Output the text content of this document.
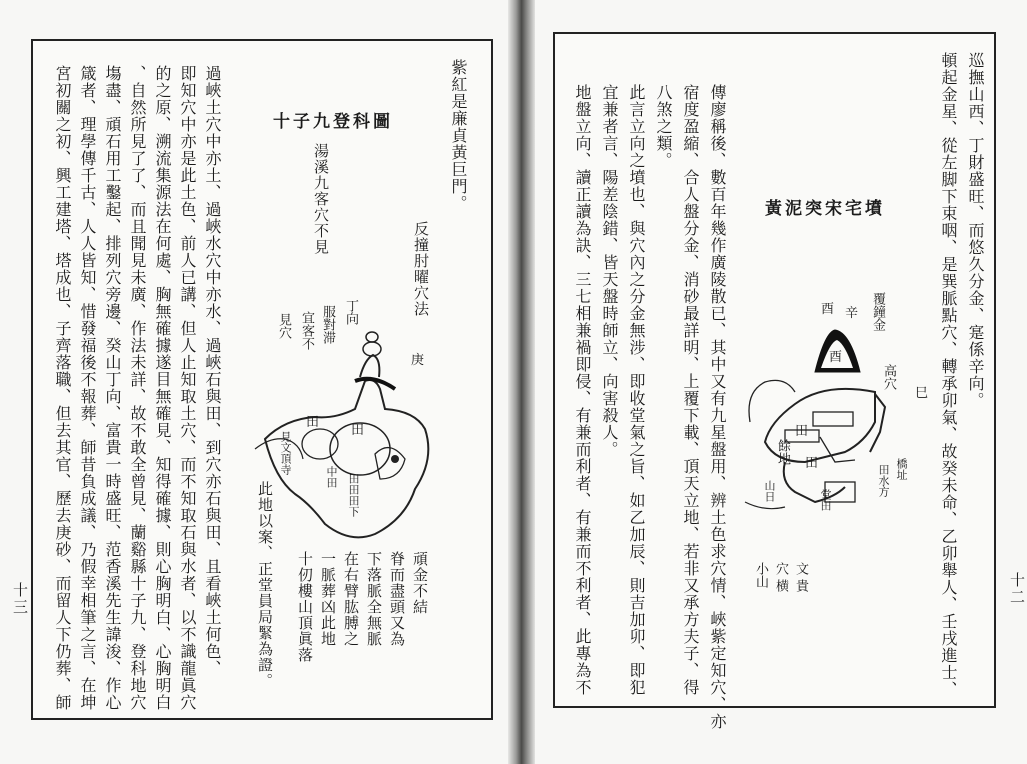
宮初關之初、興工建塔、塔成也、子齊落職、但去其官、歷去庚砂、而留人下仍葬、師 箴者、理學傳千古、人人皆知、惜發福後不報葬、師昔負成議、乃假幸相筆之言、在坤 塲盡、頑石用工鑿起、排列穴旁邊、癸山丁向、富貴一時盛旺、范香溪先生諱浚、作心 、自然所見了了、而且聞見未廣、作法未詳、故不敢全曾見、蘭谿縣十子九、登科地穴 的之原、溯流集源法在何處、胸無確據遂目無確見、知得確據、則心胸明白、心胸明白 即知穴中亦是此土色、前人已講、但人止知取土穴、而不知取石與水者、以不識龍眞穴 過峽土穴中亦土、過峽水穴中亦水、過峽石與田、到穴亦石與田、且看峽土何色、	紫紅是廉貞黃巨門。
十子九登科圖
湯溪九客穴不見
反撞肘曜穴法
庚
丁向
服對滞
宜客不
見穴
田
田
見文頂寺
中田 田田田下
此地以案、正堂員局緊為證。 十仞樓山頂眞落 一脈葬凶此地 在右臂肱膊之 下落脈全無脈 脊而盡頭又為 頑金不結
十三	頓起金星、從左脚下束咽、是巽脈點穴、轉承卯氣、故癸未命、乙卯舉人、壬戌進士、 巡撫山西、丁財盛旺、而悠久分金、寔係辛向。
地盤立向、讀正讀為訣、三七相兼禍即侵、有兼而利者、有兼而不利者、此專為不 宜兼者言、陽差陰錯、皆天盤時師立、向害殺人。 此言立向之墳也、與穴內之分金無涉、即收堂氣之旨、如乙加辰、則吉加卯、即犯 八煞之類。 宿度盈縮、合人盤分金、消砂最詳明、上覆下載、頂天立地、若非又承方夫子、得 傳廖稱後、數百年幾作廣陵散已、其中又有九星盤用、辨土色求穴情、峽紫定知穴、亦 黃泥突宋宅墳
覆鐘金
辛
酉
酉
高穴
巳
餘地
田
田
田水方 橋址
堂田
山日
小山 穴 横 文 貴	十二
